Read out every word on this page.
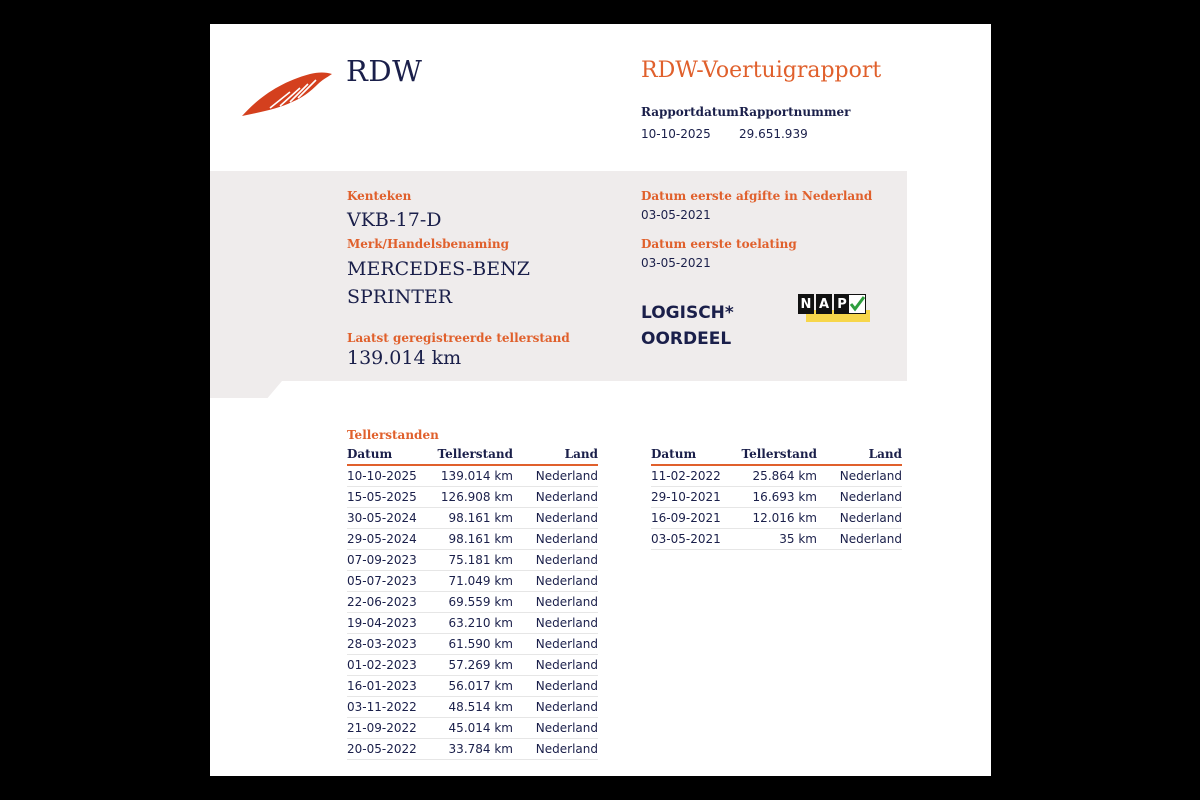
RDW	RDW-Voertuigrapport
Rapportdatum
10-10-2025
Rapportnummer
29.651.939
Kenteken
VKB-17-D
Merk/Handelsbenaming
MERCEDES-BENZ
SPRINTER
Laatst geregistreerde tellerstand
139.014 km
Datum eerste afgifte in Nederland
03-05-2021
Datum eerste toelating
03-05-2021
LOGISCH*
OORDEEL
N A P
Tellerstanden
Datum	Tellerstand	Land
10-10-2025	139.014 km	Nederland
15-05-2025	126.908 km	Nederland
30-05-2024	98.161 km	Nederland
29-05-2024	98.161 km	Nederland
07-09-2023	75.181 km	Nederland
05-07-2023	71.049 km	Nederland
22-06-2023	69.559 km	Nederland
19-04-2023	63.210 km	Nederland
28-03-2023	61.590 km	Nederland
01-02-2023	57.269 km	Nederland
16-01-2023	56.017 km	Nederland
03-11-2022	48.514 km	Nederland
21-09-2022	45.014 km	Nederland
20-05-2022	33.784 km	Nederland
Datum	Tellerstand	Land
11-02-2022	25.864 km	Nederland
29-10-2021	16.693 km	Nederland
16-09-2021	12.016 km	Nederland
03-05-2021	35 km	Nederland
